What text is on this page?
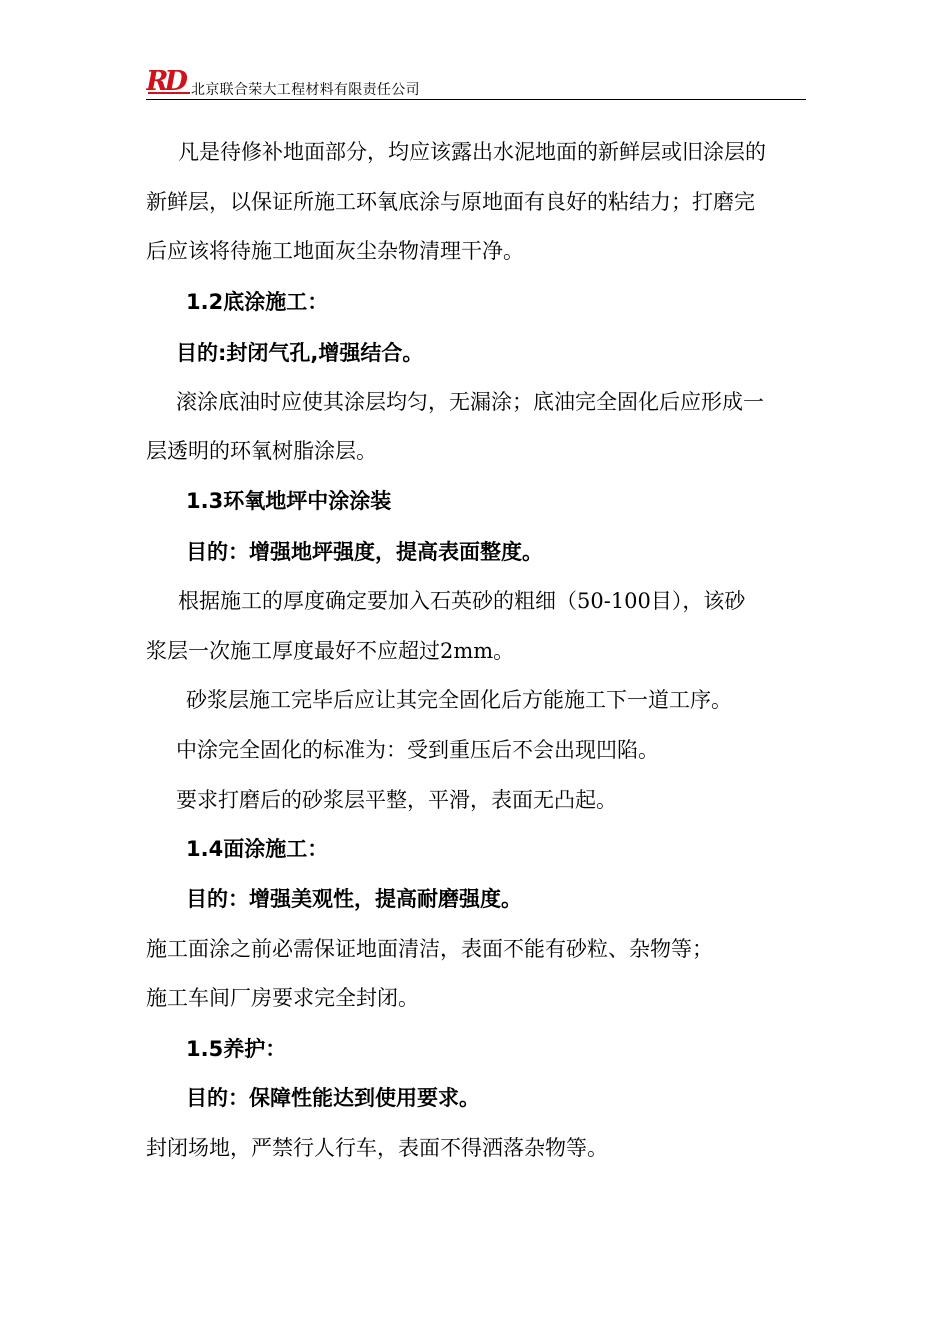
RD 北京联合荣大工程材料有限责任公司
凡是待修补地面部分，均应该露出水泥地面的新鲜层或旧涂层的
新鲜层，以保证所施工环氧底涂与原地面有良好的粘结力；打磨完
后应该将待施工地面灰尘杂物清理干净。
1.2底涂施工：
目的:封闭气孔,增强结合。
滚涂底油时应使其涂层均匀，无漏涂；底油完全固化后应形成一
层透明的环氧树脂涂层。
1.3环氧地坪中涂涂装
目的：增强地坪强度，提高表面整度。
根据施工的厚度确定要加入石英砂的粗细（50-100目），该砂
浆层一次施工厚度最好不应超过2mm。
砂浆层施工完毕后应让其完全固化后方能施工下一道工序。
中涂完全固化的标准为：受到重压后不会出现凹陷。
要求打磨后的砂浆层平整，平滑，表面无凸起。
1.4面涂施工：
目的：增强美观性，提高耐磨强度。
施工面涂之前必需保证地面清洁，表面不能有砂粒、杂物等；
施工车间厂房要求完全封闭。
1.5养护：
目的：保障性能达到使用要求。
封闭场地，严禁行人行车，表面不得洒落杂物等。
